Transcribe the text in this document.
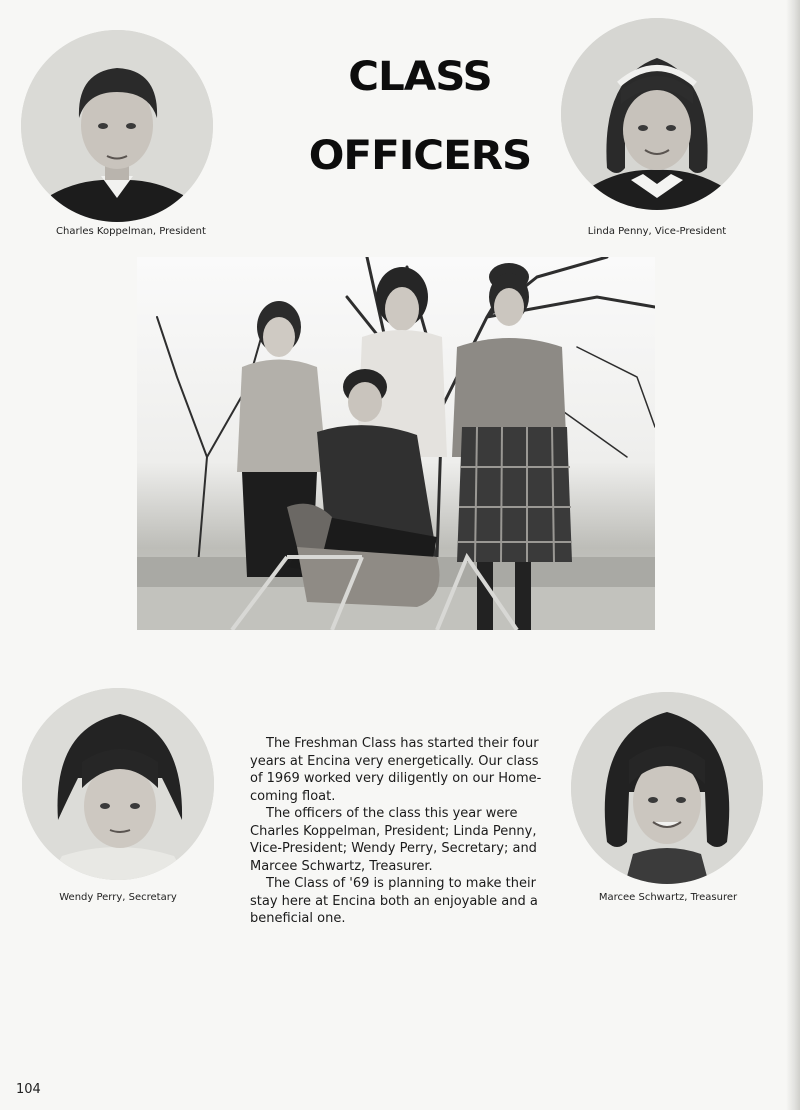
CLASS
OFFICERS
Charles Koppelman, President	Linda Penny, Vice-President
Wendy Perry, Secretary	Marcee Schwartz, Treasurer

The Freshman Class has started their four years at Encina very energetically. Our class of 1969 worked very diligently on our Homecoming float.

The officers of the class this year were Charles Koppelman, President; Linda Penny, Vice-President; Wendy Perry, Secretary; and Marcee Schwartz, Treasurer.

The Class of '69 is planning to make their stay here at Encina both an enjoyable and a beneficial one.

104
